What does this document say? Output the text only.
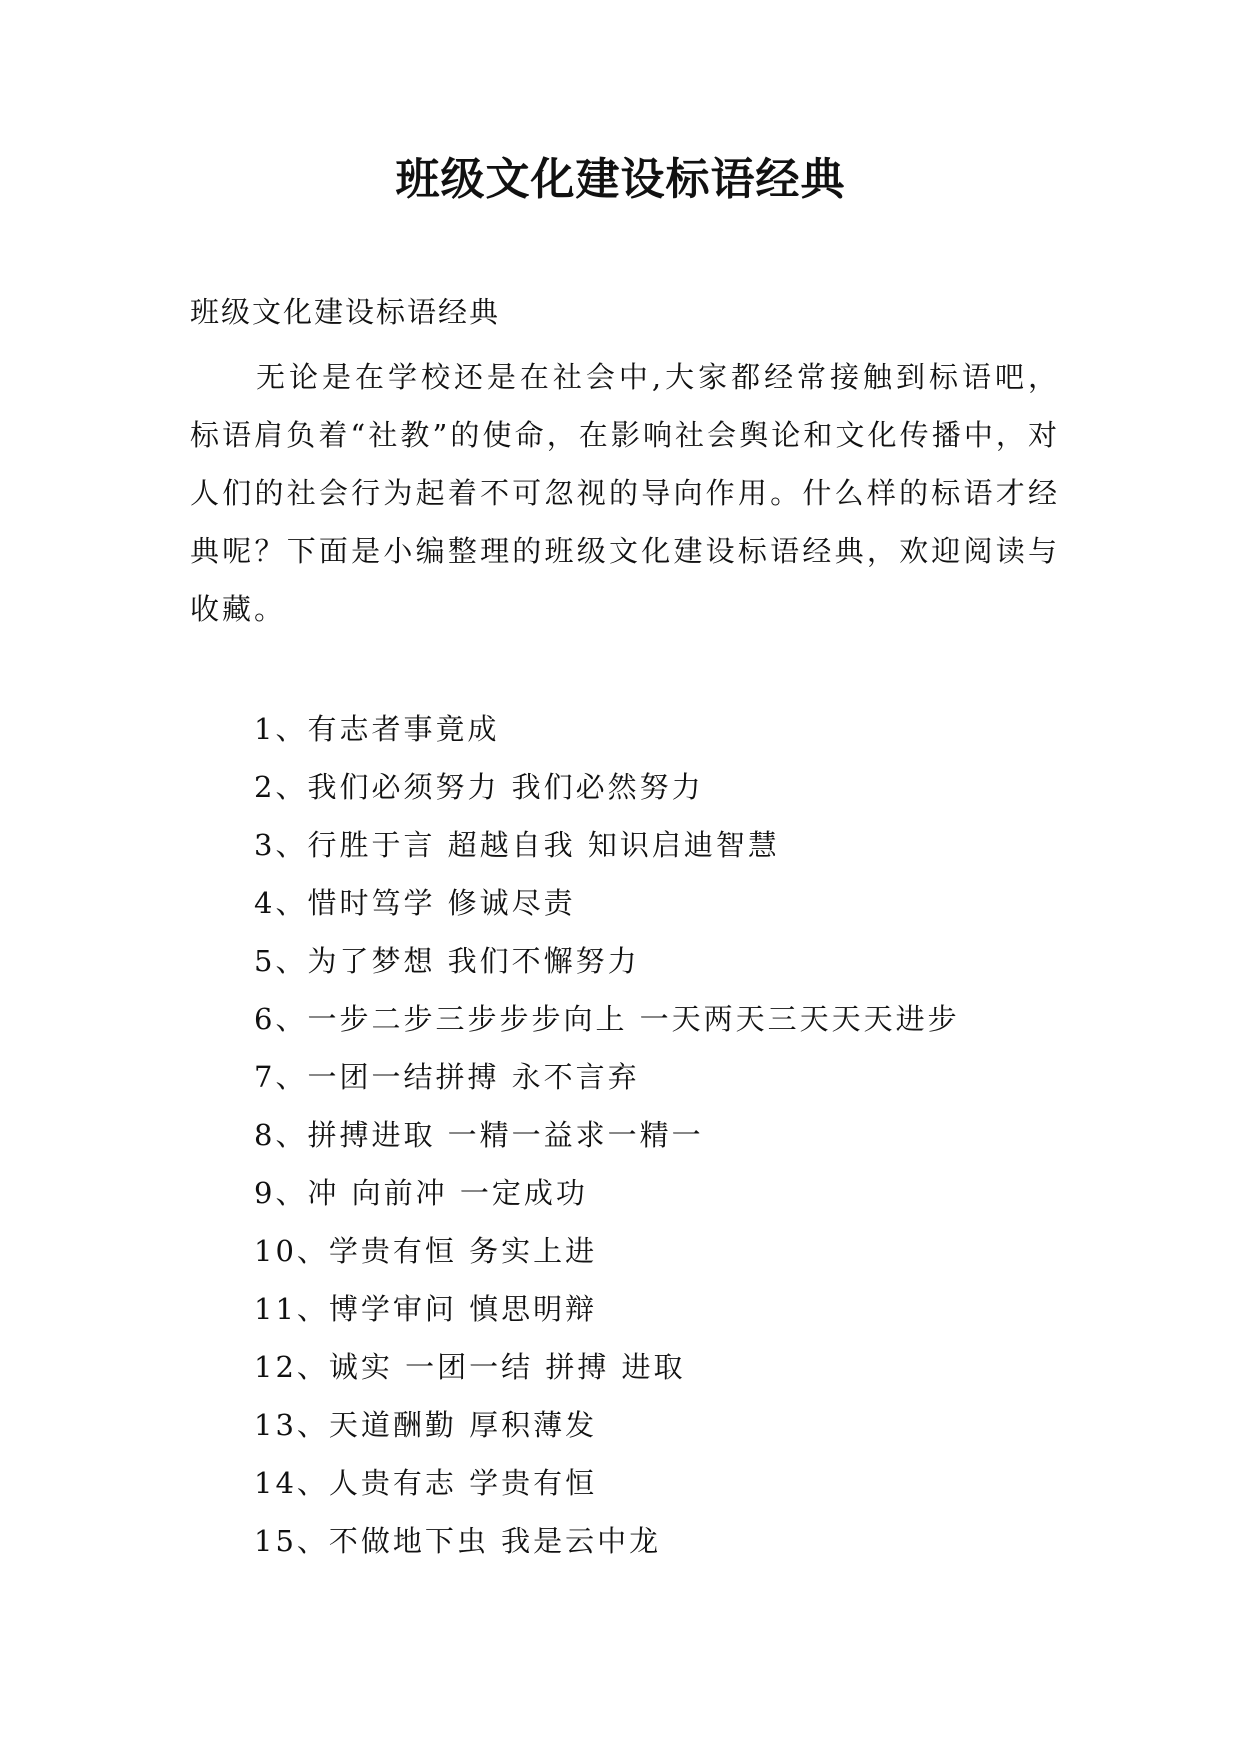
班级文化建设标语经典

班级文化建设标语经典

无论是在学校还是在社会中,大家都经常接触到标语吧，标语肩负着“社教”的使命，在影响社会舆论和文化传播中，对人们的社会行为起着不可忽视的导向作用。什么样的标语才经典呢？下面是小编整理的班级文化建设标语经典，欢迎阅读与收藏。

1、有志者事竟成
2、我们必须努力 我们必然努力
3、行胜于言 超越自我 知识启迪智慧
4、惜时笃学 修诚尽责
5、为了梦想 我们不懈努力
6、一步二步三步步步向上 一天两天三天天天进步
7、一团一结拼搏 永不言弃
8、拼搏进取 一精一益求一精一
9、冲 向前冲 一定成功
10、学贵有恒 务实上进
11、博学审问 慎思明辩
12、诚实 一团一结 拼搏 进取
13、天道酬勤 厚积薄发
14、人贵有志 学贵有恒
15、不做地下虫 我是云中龙
